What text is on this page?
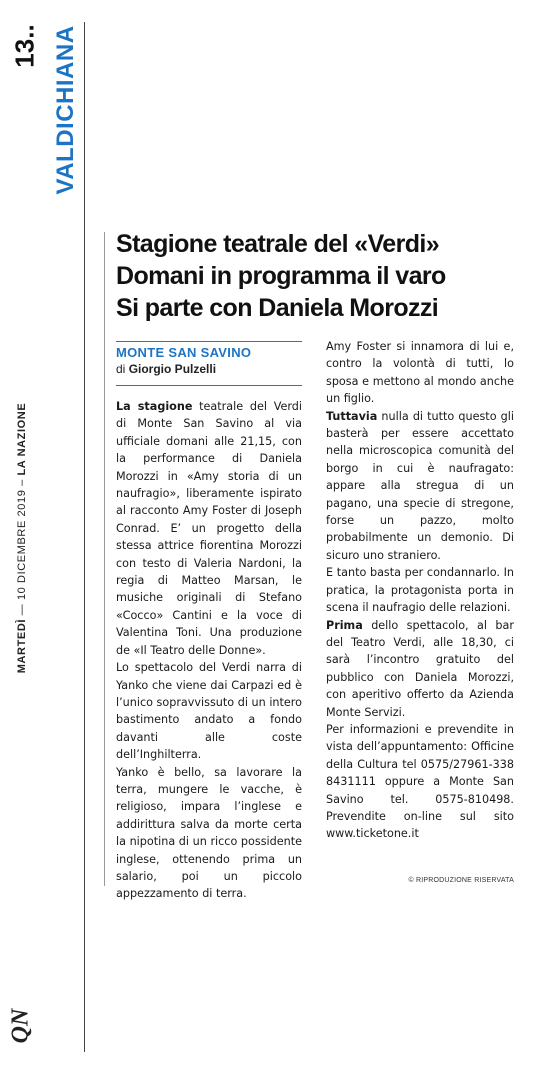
13.. VALDICHIANA
MARTEDÌ — 10 DICEMBRE 2019 – LA NAZIONE
QN
Stagione teatrale del «Verdi»
Domani in programma il varo
Si parte con Daniela Morozzi
MONTE SAN SAVINO
di Giorgio Pulzelli

La stagione teatrale del Verdi di Monte San Savino al via ufficiale domani alle 21,15, con la performance di Daniela Morozzi in «Amy storia di un naufragio», liberamente ispirato al racconto Amy Foster di Joseph Conrad. E’ un progetto della stessa attrice fiorentina Morozzi con testo di Valeria Nardoni, la regia di Matteo Marsan, le musiche originali di Stefano «Cocco» Cantini e la voce di Valentina Toni. Una produzione de «Il Teatro delle Donne».

Lo spettacolo del Verdi narra di Yanko che viene dai Carpazi ed è l’unico sopravvissuto di un intero bastimento andato a fondo davanti alle coste dell’Inghilterra.

Yanko è bello, sa lavorare la terra, mungere le vacche, è religioso, impara l’inglese e addirittura salva da morte certa la nipotina di un ricco possidente inglese, ottenendo prima un salario, poi un piccolo appezzamento di terra.

Amy Foster si innamora di lui e, contro la volontà di tutti, lo sposa e mettono al mondo anche un figlio.

Tuttavia nulla di tutto questo gli basterà per essere accettato nella microscopica comunità del borgo in cui è naufragato: appare alla stregua di un pagano, una specie di stregone, forse un pazzo, molto probabilmente un demonio. Di sicuro uno straniero.

E tanto basta per condannarlo. In pratica, la protagonista porta in scena il naufragio delle relazioni.

Prima dello spettacolo, al bar del Teatro Verdi, alle 18,30, ci sarà l’incontro gratuito del pubblico con Daniela Morozzi, con aperitivo offerto da Azienda Monte Servizi.

Per informazioni e prevendite in vista dell’appuntamento: Officine della Cultura tel 0575/27961-338 8431111 oppure a Monte San Savino tel. 0575-810498. Prevendite on-line sul sito www.ticketone.it

© RIPRODUZIONE RISERVATA
